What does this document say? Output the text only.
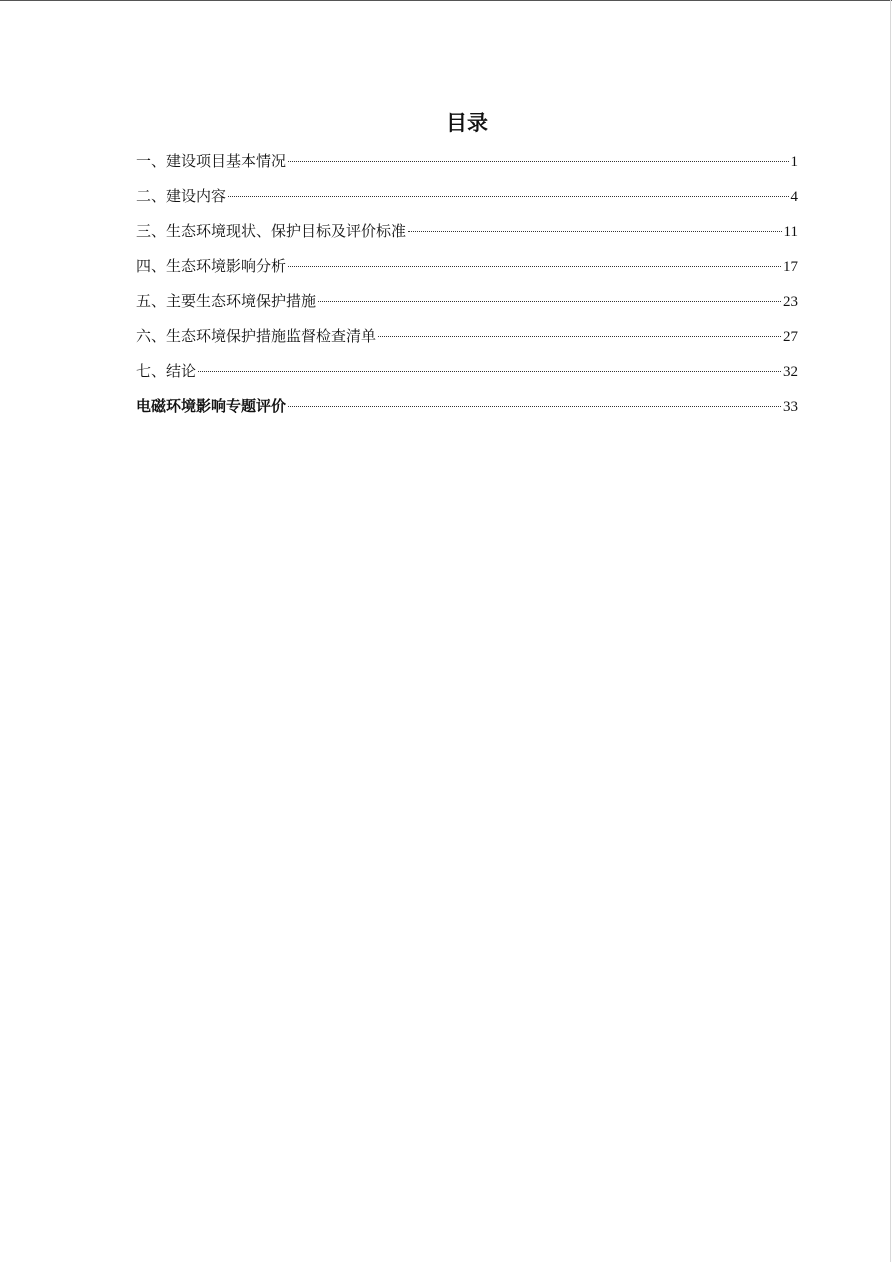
目录
一、建设项目基本情况	1
二、建设内容	4
三、生态环境现状、保护目标及评价标准	11
四、生态环境影响分析	17
五、主要生态环境保护措施	23
六、生态环境保护措施监督检查清单	27
七、结论	32
电磁环境影响专题评价	33
